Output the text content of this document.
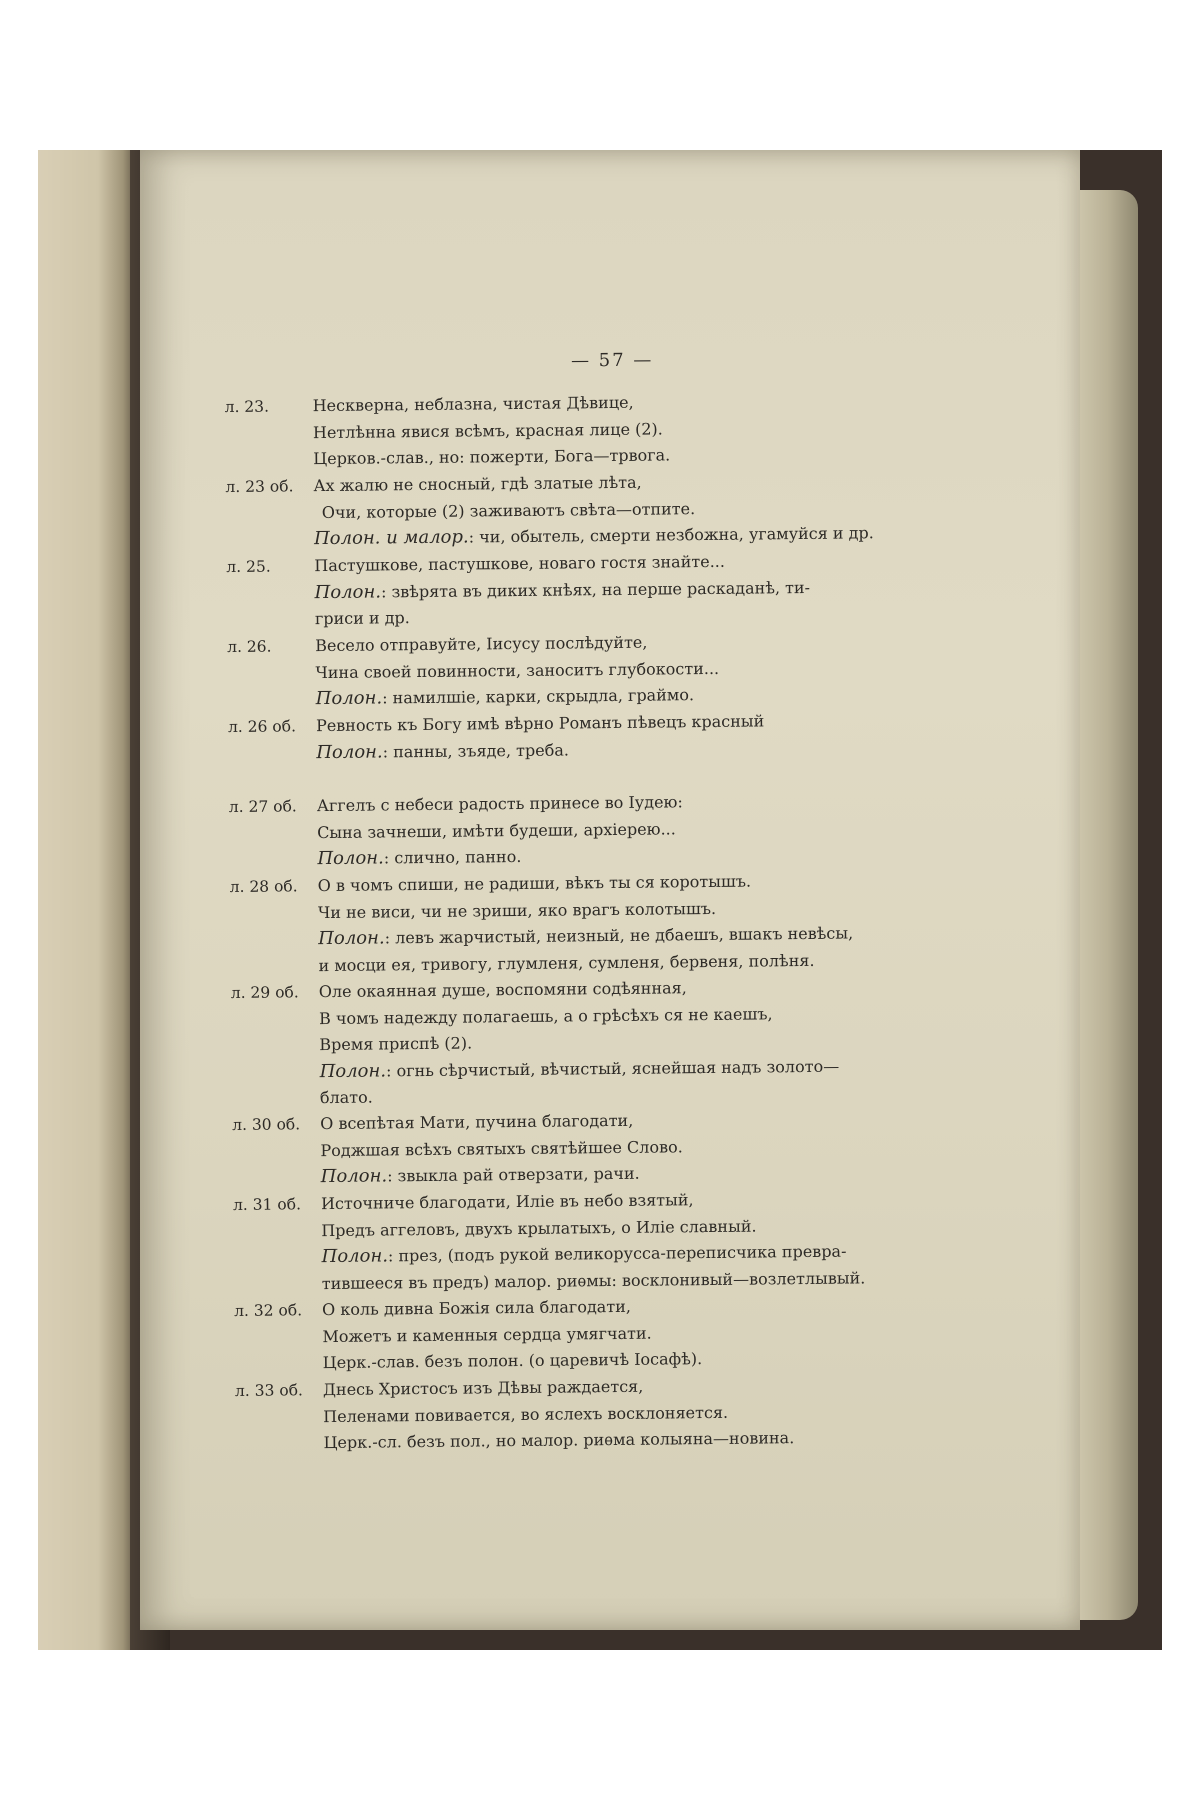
— 57 —
л. 23.	Нескверна, неблазна, чистая Дѣвице,
Нетлѣнна явися всѣмъ, красная лице (2).
Церков.-слав., но: пожерти, Бога—трвога.
л. 23 об.	Ах жалю не сносный, гдѣ златые лѣта,
Очи, которые (2) заживаютъ свѣта—отпите.
Полон. и малор.: чи, обытель, смерти незбожна, угамуйся и др.
л. 25.	Пастушкове, пастушкове, новаго гостя знайте...
Полон.: звѣрята въ диких кнѣях, на перше раскаданѣ, ти-
гриси и др.
л. 26.	Весело отправуйте, Іисусу послѣдуйте,
Чина своей повинности, заноситъ глубокости...
Полон.: намилшіе, карки, скрыдла, граймо.
л. 26 об.	Ревность къ Богу имѣ вѣрно Романъ пѣвецъ красный
Полон.: панны, зъяде, треба.
л. 27 об.	Аггелъ с небеси радость принесе во Іудею:
Сына зачнеши, имѣти будеши, архіерею...
Полон.: слично, панно.
л. 28 об.	О в чомъ спиши, не радиши, вѣкъ ты ся коротышъ.
Чи не виси, чи не зриши, яко врагъ колотышъ.
Полон.: левъ жарчистый, неизный, не дбаешъ, вшакъ невѣсы,
и мосци ея, тривогу, глумленя, сумленя, бервеня, полѣня.
л. 29 об.	Оле окаянная душе, воспомяни содѣянная,
В чомъ надежду полагаешь, а о грѣсѣхъ ся не каешъ,
Время приспѣ (2).
Полон.: огнь сѣрчистый, вѣчистый, яснейшая надъ золото—
блато.
л. 30 об.	О всепѣтая Мати, пучина благодати,
Роджшая всѣхъ святыхъ святѣйшее Слово.
Полон.: звыкла рай отверзати, рачи.
л. 31 об.	Источниче благодати, Иліе въ небо взятый,
Предъ аггеловъ, двухъ крылатыхъ, о Иліе славный.
Полон.: през, (подъ рукой великорусса-переписчика превра-
тившееся въ предъ) малор. риѳмы: восклонивый—возлетлывый.
л. 32 об.	О коль дивна Божія сила благодати,
Можетъ и каменныя сердца умягчати.
Церк.-слав. безъ полон. (о царевичѣ Іосафѣ).
л. 33 об.	Днесь Христосъ изъ Дѣвы раждается,
Пеленами повивается, во яслехъ восклоняется.
Церк.-сл. безъ пол., но малор. риѳма колыяна—новина.
